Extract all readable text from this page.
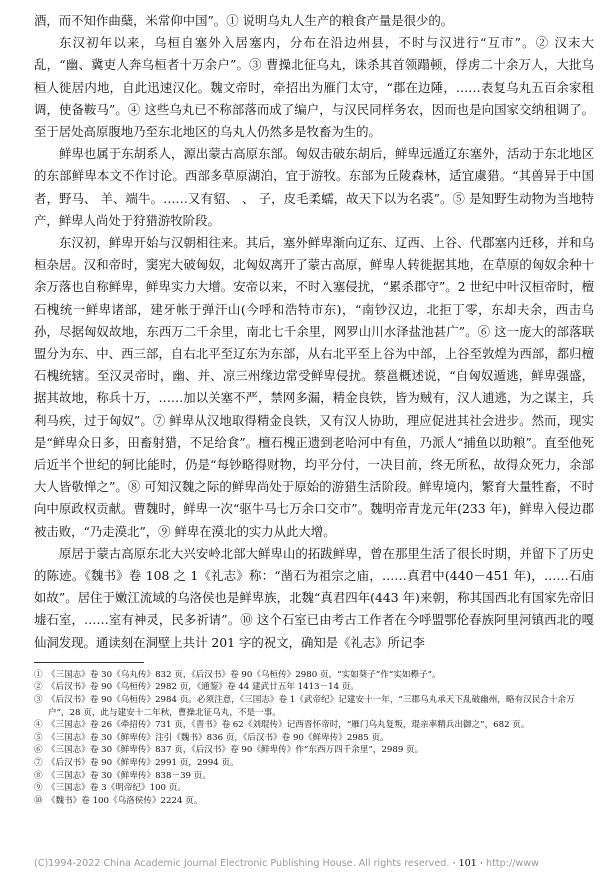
酒，而不知作曲蘖，米常仰中国”。① 说明乌丸人生产的粮食产量是很少的。

东汉初年以来，乌桓自塞外入居塞内，分布在沿边州县，不时与汉进行“互市”。② 汉末大乱，“幽、冀吏人奔乌桓者十万余户”。③ 曹操北征乌丸，诛杀其首领蹋顿，俘虏二十余万人，大批乌桓人徙居内地，自此迅速汉化。魏文帝时，牵招出为雁门太守，“郡在边陲，……表复乌丸五百余家租调，使备鞍马”。④ 这些乌丸已不称部落而成了编户，与汉民同样务农，因而也是向国家交纳租调了。至于居处高原腹地乃至东北地区的乌丸人仍然多是牧畜为生的。

鲜卑也属于东胡系人，源出蒙古高原东部。匈奴击破东胡后，鲜卑远遁辽东塞外，活动于东北地区的东部鲜卑本文不作讨论。西部多草原湖泊，宜于游牧。东部为丘陵森林，适宜虞猎。“其兽异于中国者，野马、 羊、端牛。……又有貂、 、 子，皮毛柔蠕，故天下以为名裘”。⑤ 是知野生动物为当地特产，鲜卑人尚处于狩猎游牧阶段。

东汉初，鲜卑开始与汉朝相往来。其后，塞外鲜卑渐向辽东、辽西、上谷、代郡塞内迁移，并和乌桓杂居。汉和帝时，窦宪大破匈奴，北匈奴离开了蒙古高原，鲜卑人转徙据其地，在草原的匈奴余种十余万落也自称鲜卑，鲜卑实力大增。安帝以来，不时入塞侵扰，“累杀郡守”。2 世纪中叶汉桓帝时，檀石槐统一鲜卑诸部，建牙帐于弹汗山(今呼和浩特市东)，“南钞汉边，北拒丁零，东却夫余，西击乌孙，尽据匈奴故地，东西万二千余里，南北七千余里，网罗山川水泽盐池甚广”。⑥ 这一庞大的部落联盟分为东、中、西三部，自右北平至辽东为东部，从右北平至上谷为中部，上谷至敦煌为西部，都归檀石槐统辖。至汉灵帝时，幽、并、凉三州缘边常受鲜卑侵扰。蔡邕概述说，“自匈奴遁逃，鲜卑强盛，据其故地，称兵十万，……加以关塞不严，禁网多漏，精金良铁，皆为贼有，汉人逋逃，为之谋主，兵利马疾，过于匈奴”。⑦ 鲜卑从汉地取得精金良铁，又有汉人协助，理应促进其社会进步。然而，现实是“鲜卑众日多，田畜射猎，不足给食”。檀石槐正遗到老哈河中有鱼，乃派人“捕鱼以助粮”。直至他死后近半个世纪的轲比能时，仍是“每钞略得财物，均平分付，一决目前，终无所私，故得众死力，余部大人皆敬惮之”。⑧ 可知汉魏之际的鲜卑尚处于原始的游猎生活阶段。鲜卑境内，繁育大量牲畜，不时向中原政权贡献。曹魏时，鲜卑一次“驱牛马七万余口交市”。魏明帝青龙元年(233 年)，鲜卑入侵边郡被击败，“乃走漠北”，⑨ 鲜卑在漠北的实力从此大增。

原居于蒙古高原东北大兴安岭北部大鲜卑山的拓跋鲜卑，曾在那里生活了很长时期，并留下了历史的陈迹。《魏书》卷 108 之 1《礼志》称：“凿石为祖宗之庙，……真君中(440－451 年)，……石庙如故”。居住于嫩江流域的乌洛侯也是鲜卑族，北魏“真君四年(443 年)来朝，称其国西北有国家先帝旧墟石室，……室有神灵，民多祈请”。⑩ 这个石室已由考古工作者在今呼盟鄂伦春族阿里河镇西北的嘎仙洞发现。通读刻在洞壁上共计 201 字的祝文，确知是《礼志》所记李

①　《三国志》卷 30《乌丸传》832 页，《后汉书》卷 90《乌桓传》2980 页，“实如葵子”作“实如穄子”。

②　《后汉书》卷 90《乌桓传》2982 页，《通鉴》卷 44 建武廿五年 1413－14 页。

③　《后汉书》卷 90《乌桓传》2984 页。必须注意，《三国志》卷 1《武帝纪》记建安十一年，“三郡乌丸承天下乱破幽州，略有汉民合十余万户”，28 页，此与建安十二年秋，曹操北征乌丸，不是一事。

④　《三国志》卷 26《牵招传》731 页，《晋书》卷 62《刘琨传》记西晋怀帝时，“雁门乌丸复叛，琨亲率精兵出御之”，682 页。

⑤　《三国志》卷 30《鲜卑传》注引《魏书》836 页，《后汉书》卷 90《鲜卑传》2985 页。

⑥　《三国志》卷 30《鲜卑传》837 页，《后汉书》卷 90《鲜卑传》作“东西万四千余里”，2989 页。

⑦　《后汉书》卷 90《鲜卑传》2991 页，2994 页。

⑧　《三国志》卷 30《鲜卑传》838－39 页。

⑨　《三国志》卷 3《明帝纪》100 页。

⑩　《魏书》卷 100《乌洛侯传》2224 页。

(C)1994-2022 China Academic Journal Electronic Publishing House. All rights reserved. · 101 · http://www
